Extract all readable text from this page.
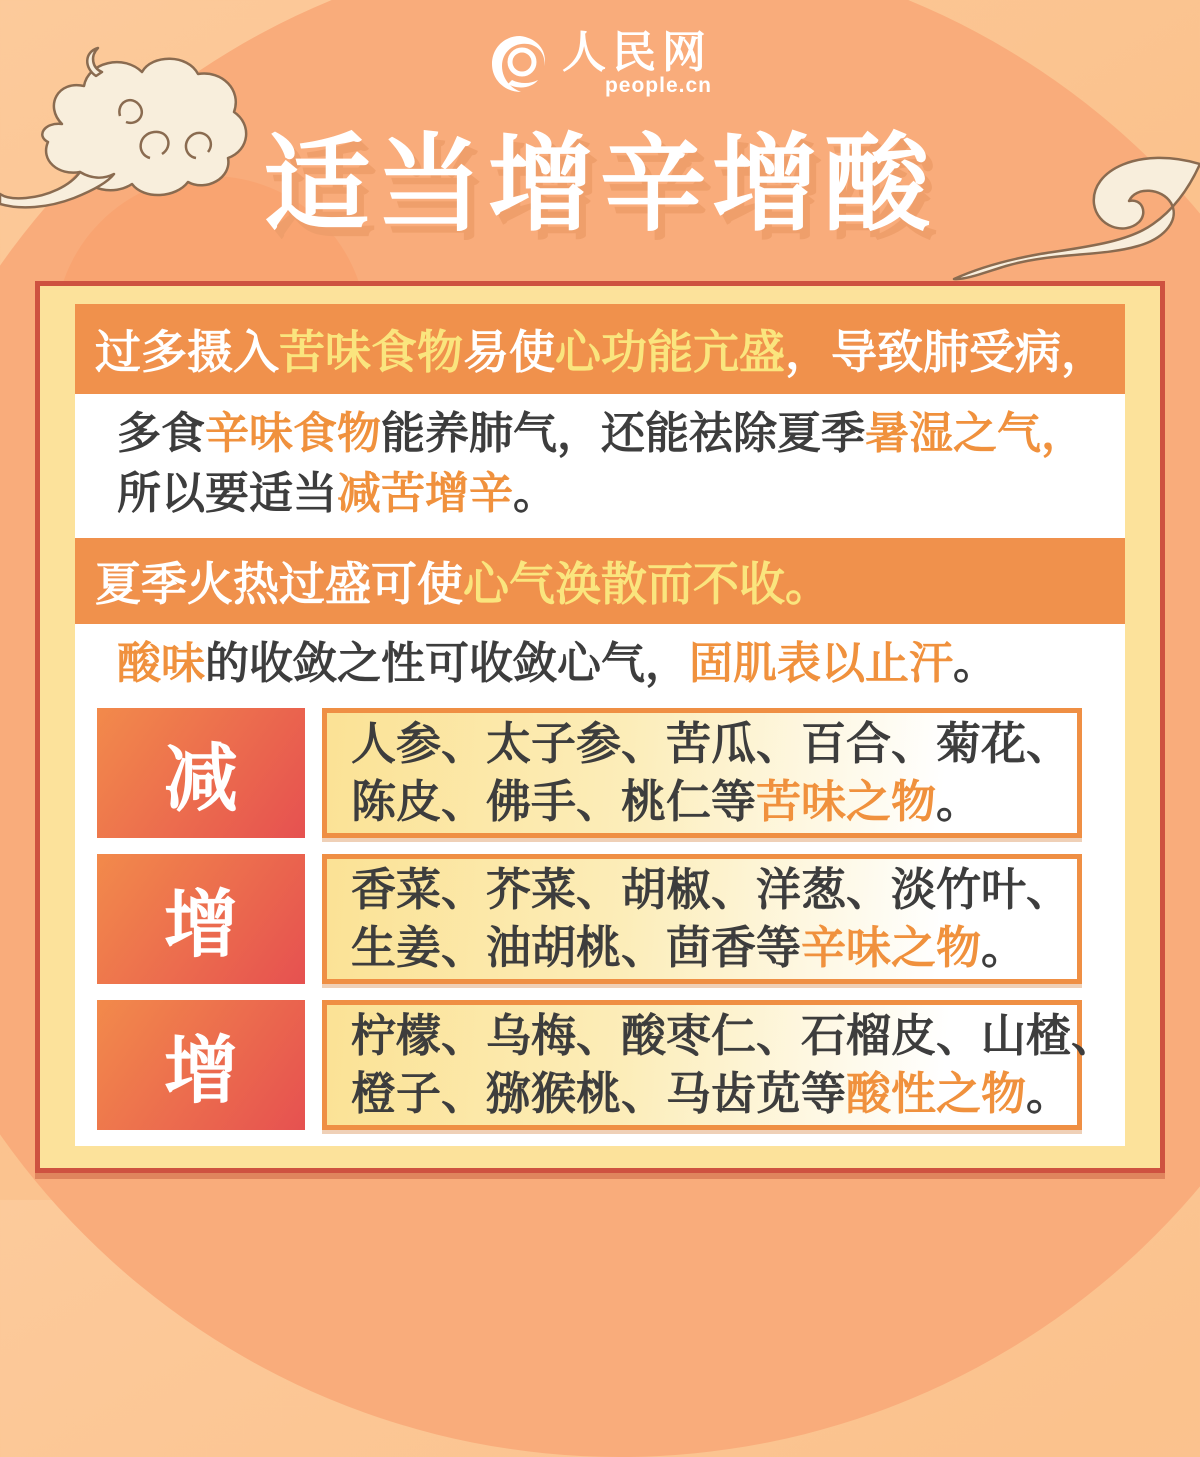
人民网
people.cn
适当增辛增酸
过多摄入 苦味食物 易使 心功能亢盛 ，导致肺受病，
多食辛味食物能养肺气，还能祛除夏季暑湿之气，
所以要适当减苦增辛。
夏季火热过盛可使 心气涣散而不收。
酸味的收敛之性可收敛心气，固肌表以止汗。
减	人参、太子参、苦瓜、百合、菊花、
陈皮、佛手、桃仁等苦味之物。
增	香菜、芥菜、胡椒、洋葱、淡竹叶、
生姜、油胡桃、茴香等辛味之物。
增	柠檬、乌梅、酸枣仁、石榴皮、山楂、
橙子、猕猴桃、马齿苋等酸性之物。
